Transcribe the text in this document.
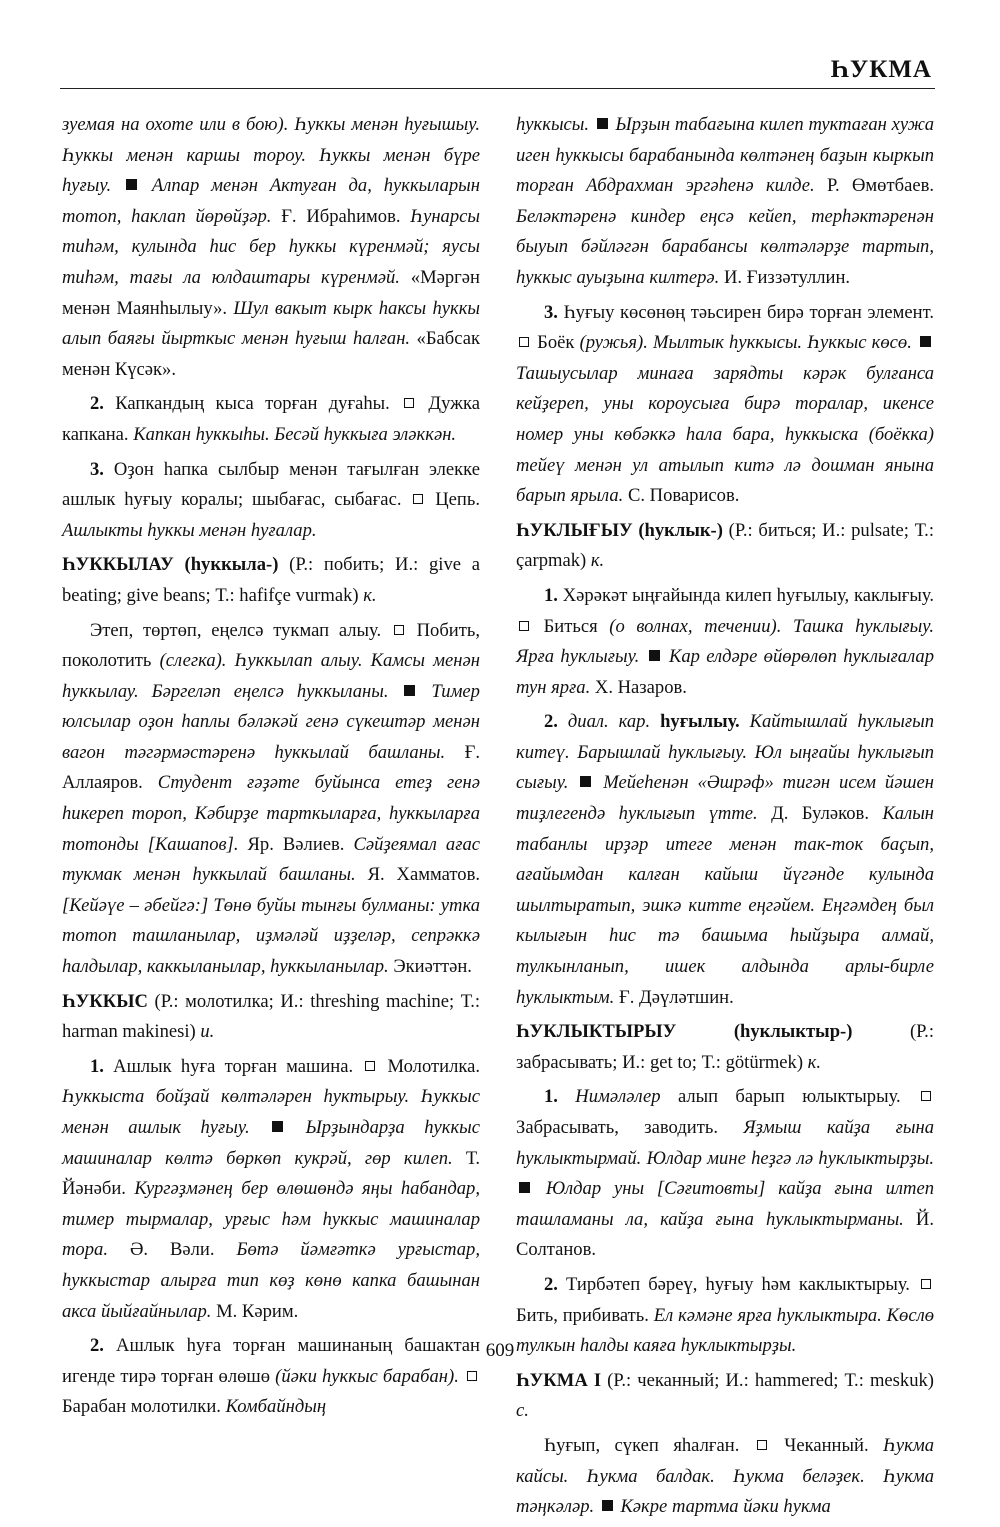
ҺУКМА

зуемая на охоте или в бою). Һуккы менән һуғышыу. Һуккы менән каршы тороу. Һуккы менән бүре һуғыу.  Алпар менән Актуған да, һуккыларын тотоп, һаклап йөрөйҙәр. Ғ. Ибраһимов. Һунарсы тиһәм, кулында һис бер һуккы күренмәй; яусы тиһәм, тағы ла юлдаштары күренмәй. «Мәргән менән Маянһылыу». Шул вакыт кырк һаксы һуккы алып баяғы йырткыс менән һуғыш һалған. «Бабсак менән Күсәк».

2. Капкандың кыса торған дуғаһы.  Дужка капкана. Капкан һуккыһы. Бесәй һуккыға эләккән.

3. Оҙон һапка сылбыр менән тағылған элекке ашлык һуғыу коралы; шыбағас, сыбағас.  Цепь. Ашлыкты һуккы менән һуғалар.

ҺУККЫЛАУ (һуккыла-) (Р.: побить; И.: give a beating; give beans; Т.: hafifçe vurmak) к.

Этеп, төртөп, еңелсә тукмап алыу.  Побить, поколотить (слегка). Һуккылап алыу. Камсы менән һуккылау. Бәргеләп еңелсә һуккыланы.  Тимер юлсылар оҙон һаплы бәләкәй генә сүкештәр менән вагон тәгәрмәстәренә һуккылай башланы. Ғ. Аллаяров. Студент ғәҙәте буйынса етеҙ генә һикереп тороп, Кәбирҙе тарткыларға, һуккыларға тотонды [Кашапов]. Яр. Вәлиев. Сәйҙеямал ағас тукмак менән һуккылай башланы. Я. Хамматов. [Кейәүе – әбейгә:] Төнө буйы тынғы булманы: утка тотоп ташланылар, иҙмәләй иҙҙеләр, сепрәккә һалдылар, каккыланылар, һуккыланылар. Экиәттән.

ҺУККЫС (Р.: молотилка; И.: threshing machine; Т.: harman makinesi) и.

1. Ашлык һуға торған машина.  Молотилка. Һуккыста бойҙай көлтәләрен һуктырыу. Һуккыс менән ашлык һуғыу.  Ырҙындарҙа һуккыс машиналар көлтә бөркөп кукрәй, гөр килеп. Т. Йәнәби. Кургәҙмәнең бер өлөшөндә яңы һабандар, тимер тырмалар, урғыс һәм һуккыс машиналар тора. Ә. Вәли. Бөтә йәмғәткә урғыстар, һуккыстар алырға тип көҙ көнө капка башынан акса йыйғайнылар. М. Кәрим.

2. Ашлык һуға торған машинаның башактан игенде тирә торған өлөшө (йәки һуккыс барабан).  Барабан молотилки. Комбайндың

һуккысы.  Ырҙын табағына килеп туктаған хужа иген һуккысы барабанында көлтәнең баҙын кыркып торған Абдрахман эргәһенә килде. Р. Өмөтбаев. Беләктәренә киндер еңсә кейеп, терһәктәренән быуып бәйләгән барабансы көлтәләрҙе тартып, һуккыс ауыҙына килтерә. И. Ғиззәтуллин.

3. Һуғыу көсөнөң тәьсирен бирә торған элемент.  Боёк (ружья). Мылтык һуккысы. Һуккыс көсө.  Ташыусылар минаға зарядты кәрәк булғанса кейҙереп, уны короусыға бирә торалар, икенсе номер уны көбәккә һала бара, һуккыска (боёкка) тейеү менән ул атылып китә лә дошман янына барып ярыла. С. Поварисов.

ҺУКЛЫҒЫУ (һуклык-) (Р.: биться; И.: pulsate; Т.: çarpmak) к.

1. Хәрәкәт ыңғайында килеп һуғылыу, каклығыу.  Биться (о волнах, течении). Ташка һуклығыу. Ярға һуклығыу.  Кар елдәре өйөрөлөп һуклығалар тун ярға. Х. Назаров.

2. диал. кар. һуғылыу. Кайтышлай һуклығып китеү. Барышлай һуклығыу. Юл ыңғайы һуклығып сығыу.  Мейеһенән «Әшрәф» тигән исем йәшен тиҙлегендә һуклығып үтте. Д. Буләков. Калын табанлы ирҙәр итеге менән так-ток баҫып, ағайымдан калған кайыш йүгәнде кулында шылтыратып, эшкә китте еңгәйем. Еңгәмдең был кылығын һис тә башыма һыйҙыра алмай, тулкынланып, ишек алдында арлы-бирле һуклыктым. Ғ. Дәүләтшин.

ҺУКЛЫКТЫРЫУ (һуклыктыр-) (Р.: забрасывать; И.: get to; Т.: götürmek) к.

1. Нимәләлер алып барып юлыктырыу.  Забрасывать, заводить. Яҙмыш кайҙа ғына һуклыктырмай. Юлдар мине һеҙгә лә һуклыктырҙы.  Юлдар уны [Сәғитовты] кайҙа ғына илтеп ташламаны ла, кайҙа ғына һуклыктырманы. Й. Солтанов.

2. Тирбәтеп бәреү, һуғыу һәм каклыктырыу.  Бить, прибивать. Ел кәмәне ярға һуклыктыра. Көслө тулкын һалды каяға һуклыктырҙы.

ҺУКМА I (Р.: чеканный; И.: hammered; Т.: meskuk) с.

Һуғып, сүкеп яһалған.  Чеканный. Һукма кайсы. Һукма балдак. Һукма беләҙек. Һукма тәңкәләр.  Кәкре тартма йәки һукма

609
